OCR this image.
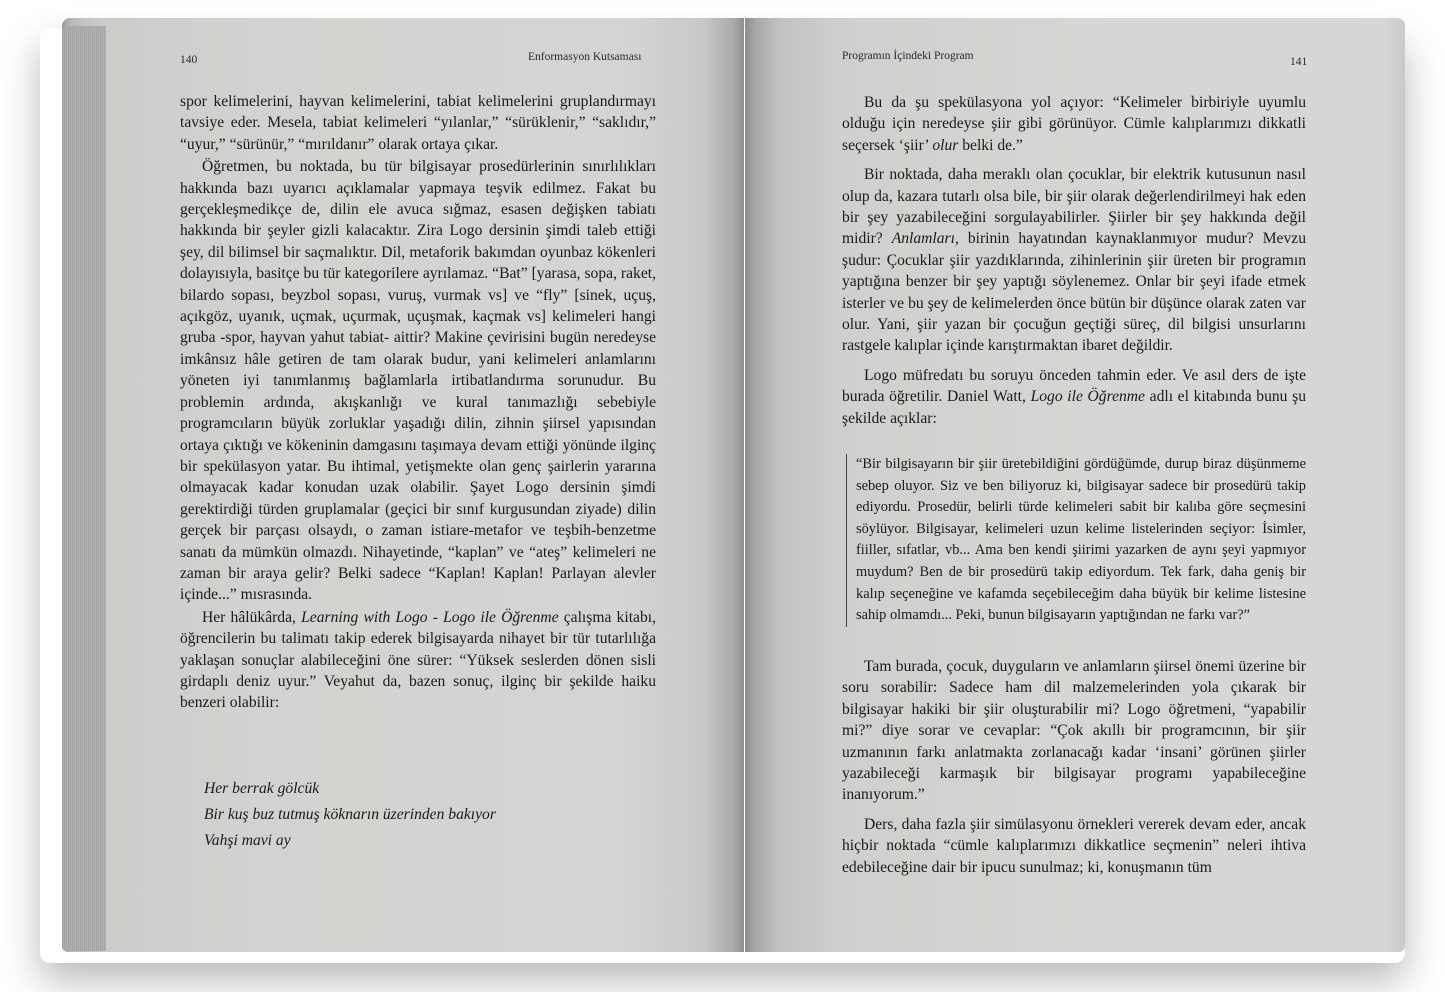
140	Enformasyon Kutsaması

spor kelimelerini, hayvan kelimelerini, tabiat kelimelerini gruplandırmayı tavsiye eder. Mesela, tabiat kelimeleri “yılanlar,” “sürüklenir,” “saklıdır,” “uyur,” “sürünür,” “mırıldanır” olarak ortaya çıkar.

Öğretmen, bu noktada, bu tür bilgisayar prosedürlerinin sınırlılıkları hakkında bazı uyarıcı açıklamalar yapmaya teşvik edilmez. Fakat bu gerçekleşmedikçe de, dilin ele avuca sığmaz, esasen değişken tabiatı hakkında bir şeyler gizli kalacaktır. Zira Logo dersinin şimdi taleb ettiği şey, dil bilimsel bir saçmalıktır. Dil, metaforik bakımdan oyunbaz kökenleri dolayısıyla, basitçe bu tür kategorilere ayrılamaz. “Bat” [yarasa, sopa, raket, bilardo sopası, beyzbol sopası, vuruş, vurmak vs] ve “fly” [sinek, uçuş, açıkgöz, uyanık, uçmak, uçurmak, uçuşmak, kaçmak vs] kelimeleri hangi gruba -spor, hayvan yahut tabiat- aittir? Makine çevirisini bugün neredeyse imkânsız hâle getiren de tam olarak budur, yani kelimeleri anlamlarını yöneten iyi tanımlanmış bağlamlarla irtibatlandırma sorunudur. Bu problemin ardında, akışkanlığı ve kural tanımazlığı sebebiyle programcıların büyük zorluklar yaşadığı dilin, zihnin şiirsel yapısından ortaya çıktığı ve kökeninin damgasını taşımaya devam ettiği yönünde ilginç bir spekülasyon yatar. Bu ihtimal, yetişmekte olan genç şairlerin yararına olmayacak kadar konudan uzak olabilir. Şayet Logo dersinin şimdi gerektirdiği türden gruplamalar (geçici bir sınıf kurgusundan ziyade) dilin gerçek bir parçası olsaydı, o zaman istiare-metafor ve teşbih-benzetme sanatı da mümkün olmazdı. Nihayetinde, “kaplan” ve “ateş” kelimeleri ne zaman bir araya gelir? Belki sadece “Kaplan! Kaplan! Parlayan alevler içinde...” mısrasında.

Her hâlükârda, Learning with Logo - Logo ile Öğrenme çalışma kitabı, öğrencilerin bu talimatı takip ederek bilgisayarda nihayet bir tür tutarlılığa yaklaşan sonuçlar alabileceğini öne sürer: “Yüksek seslerden dönen sisli girdaplı deniz uyur.” Veyahut da, bazen sonuç, ilginç bir şekilde haiku benzeri olabilir:

Her berrak gölcük
Bir kuş buz tutmuş köknarın üzerinden bakıyor
Vahşi mavi ay
Programın İçindeki Program	141

Bu da şu spekülasyona yol açıyor: “Kelimeler birbiriyle uyumlu olduğu için neredeyse şiir gibi görünüyor. Cümle kalıplarımızı dikkatli seçersek ‘şiir’ olur belki de.”

Bir noktada, daha meraklı olan çocuklar, bir elektrik kutusunun nasıl olup da, kazara tutarlı olsa bile, bir şiir olarak değerlendirilmeyi hak eden bir şey yazabileceğini sorgulayabilirler. Şiirler bir şey hakkında değil midir? Anlamları, birinin hayatından kaynaklanmıyor mudur? Mevzu şudur: Çocuklar şiir yazdıklarında, zihinlerinin şiir üreten bir programın yaptığına benzer bir şey yaptığı söylenemez. Onlar bir şeyi ifade etmek isterler ve bu şey de kelimelerden önce bütün bir düşünce olarak zaten var olur. Yani, şiir yazan bir çocuğun geçtiği süreç, dil bilgisi unsurlarını rastgele kalıplar içinde karıştırmaktan ibaret değildir.

Logo müfredatı bu soruyu önceden tahmin eder. Ve asıl ders de işte burada öğretilir. Daniel Watt, Logo ile Öğrenme adlı el kitabında bunu şu şekilde açıklar:

“Bir bilgisayarın bir şiir üretebildiğini gördüğümde, durup biraz düşünmeme sebep oluyor. Siz ve ben biliyoruz ki, bilgisayar sadece bir prosedürü takip ediyordu. Prosedür, belirli türde kelimeleri sabit bir kalıba göre seçmesini söylüyor. Bilgisayar, kelimeleri uzun kelime listelerinden seçiyor: İsimler, fiiller, sıfatlar, vb... Ama ben kendi şiirimi yazarken de aynı şeyi yapmıyor muydum? Ben de bir prosedürü takip ediyordum. Tek fark, daha geniş bir kalıp seçeneğine ve kafamda seçebileceğim daha büyük bir kelime listesine sahip olmamdı... Peki, bunun bilgisayarın yaptığından ne farkı var?”

Tam burada, çocuk, duyguların ve anlamların şiirsel önemi üzerine bir soru sorabilir: Sadece ham dil malzemelerinden yola çıkarak bir bilgisayar hakiki bir şiir oluşturabilir mi? Logo öğretmeni, “yapabilir mi?” diye sorar ve cevaplar: “Çok akıllı bir programcının, bir şiir uzmanının farkı anlatmakta zorlanacağı kadar ‘insani’ görünen şiirler yazabileceği karmaşık bir bilgisayar programı yapabileceğine inanıyorum.”

Ders, daha fazla şiir simülasyonu örnekleri vererek devam eder, ancak hiçbir noktada “cümle kalıplarımızı dikkatlice seçmenin” neleri ihtiva edebileceğine dair bir ipucu sunulmaz; ki, konuşmanın tüm
